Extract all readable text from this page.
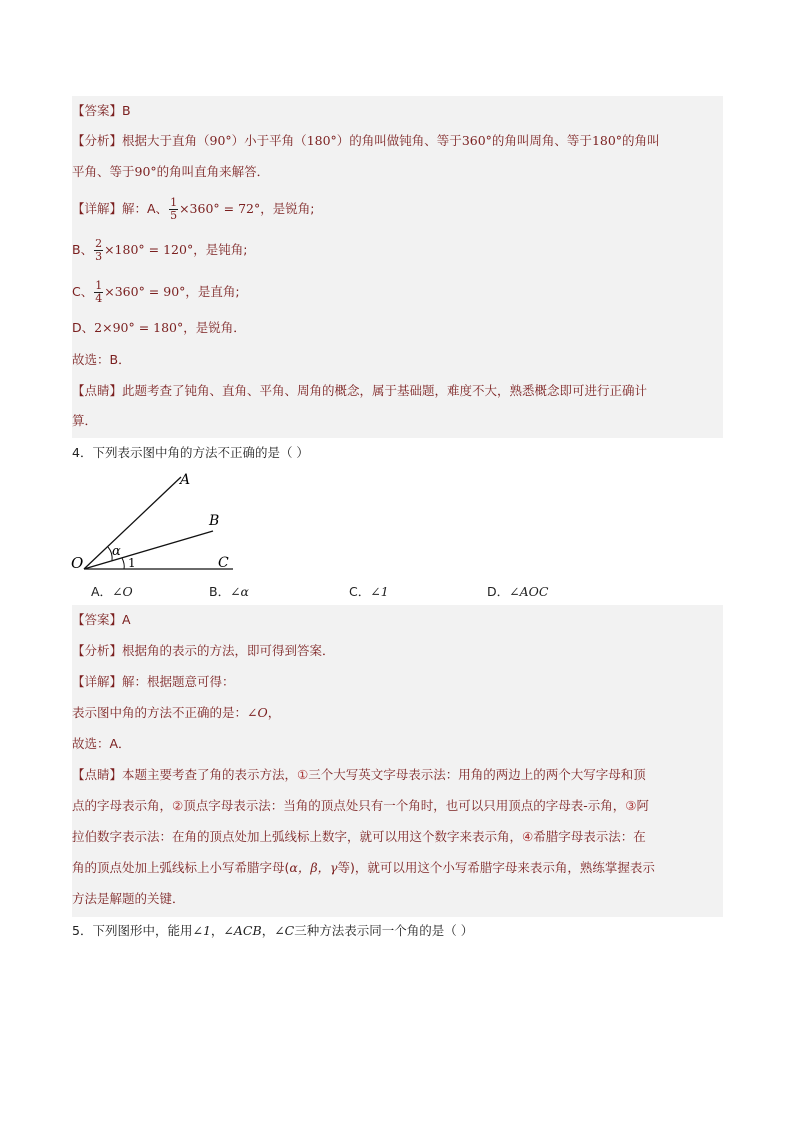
【答案】B
【分析】根据大于直角（90°）小于平角（180°）的角叫做钝角、等于360°的角叫周角、等于180°的角叫
平角、等于90°的角叫直角来解答．
【详解】解：A、 $\frac{1}{5} \times 360^\circ = 72^\circ$，是锐角;
B、 $\frac{2}{3} \times 180^\circ = 120^\circ$，是钝角;
C、 $\frac{1}{4} \times 360^\circ = 90^\circ$，是直角;
D、2×90° = 180°，是锐角．
故选：B．
【点睛】此题考查了钝角、直角、平角、周角的概念，属于基础题，难度不大，熟悉概念即可进行正确计
算．
4．下列表示图中角的方法不正确的是（ ）
A
B
C
O
α
1
A．∠O	B．∠α	C．∠1	D．∠AOC
【答案】A
【分析】根据角的表示的方法，即可得到答案．
【详解】解：根据题意可得：
表示图中角的方法不正确的是：∠O，
故选：A．
【点睛】本题主要考查了角的表示方法，①三个大写英文字母表示法：用角的两边上的两个大写字母和顶
点的字母表示角，②顶点字母表示法：当角的顶点处只有一个角时，也可以只用顶点的字母表-示角，③阿
拉伯数字表示法：在角的顶点处加上弧线标上数字，就可以用这个数字来表示角，④希腊字母表示法：在
角的顶点处加上弧线标上小写希腊字母(α，β，γ等)，就可以用这个小写希腊字母来表示角，熟练掌握表示
方法是解题的关键．
5．下列图形中，能用∠1，∠ACB，∠C三种方法表示同一个角的是（ ）
